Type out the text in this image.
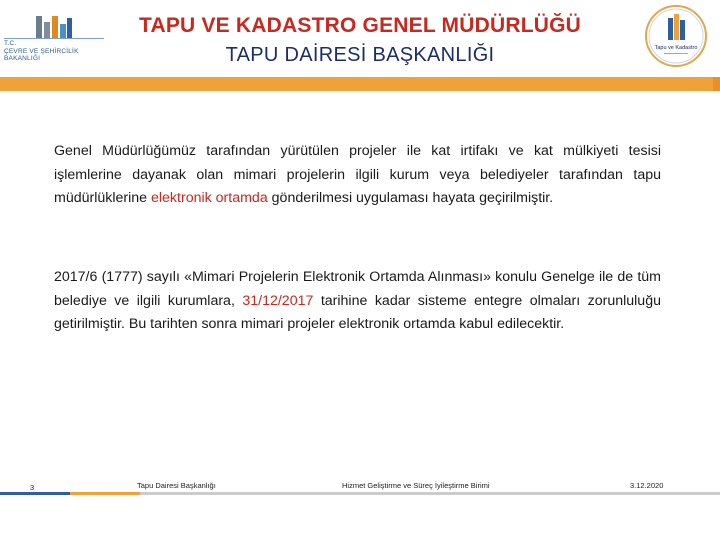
T.C.
ÇEVRE VE ŞEHİRCİLİK
BAKANLIĞI
TAPU VE KADASTRO GENEL MÜDÜRLÜĞÜ
TAPU DAİRESİ BAŞKANLIĞI	Tapu ve Kadastro
Genel Müdürlüğümüz tarafından yürütülen projeler ile kat irtifakı ve kat mülkiyeti tesisi işlemlerine dayanak olan mimari projelerin ilgili kurum veya belediyeler tarafından tapu müdürlüklerine elektronik ortamda gönderilmesi uygulaması hayata geçirilmiştir.
2017/6 (1777) sayılı «Mimari Projelerin Elektronik Ortamda Alınması» konulu Genelge ile de tüm belediye ve ilgili kurumlara, 31/12/2017 tarihine kadar sisteme entegre olmaları zorunluluğu getirilmiştir. Bu tarihten sonra mimari projeler elektronik ortamda kabul edilecektir.
3	Tapu Dairesi Başkanlığı	Hizmet Geliştirme ve Süreç İyileştirme Birimi	3.12.2020
